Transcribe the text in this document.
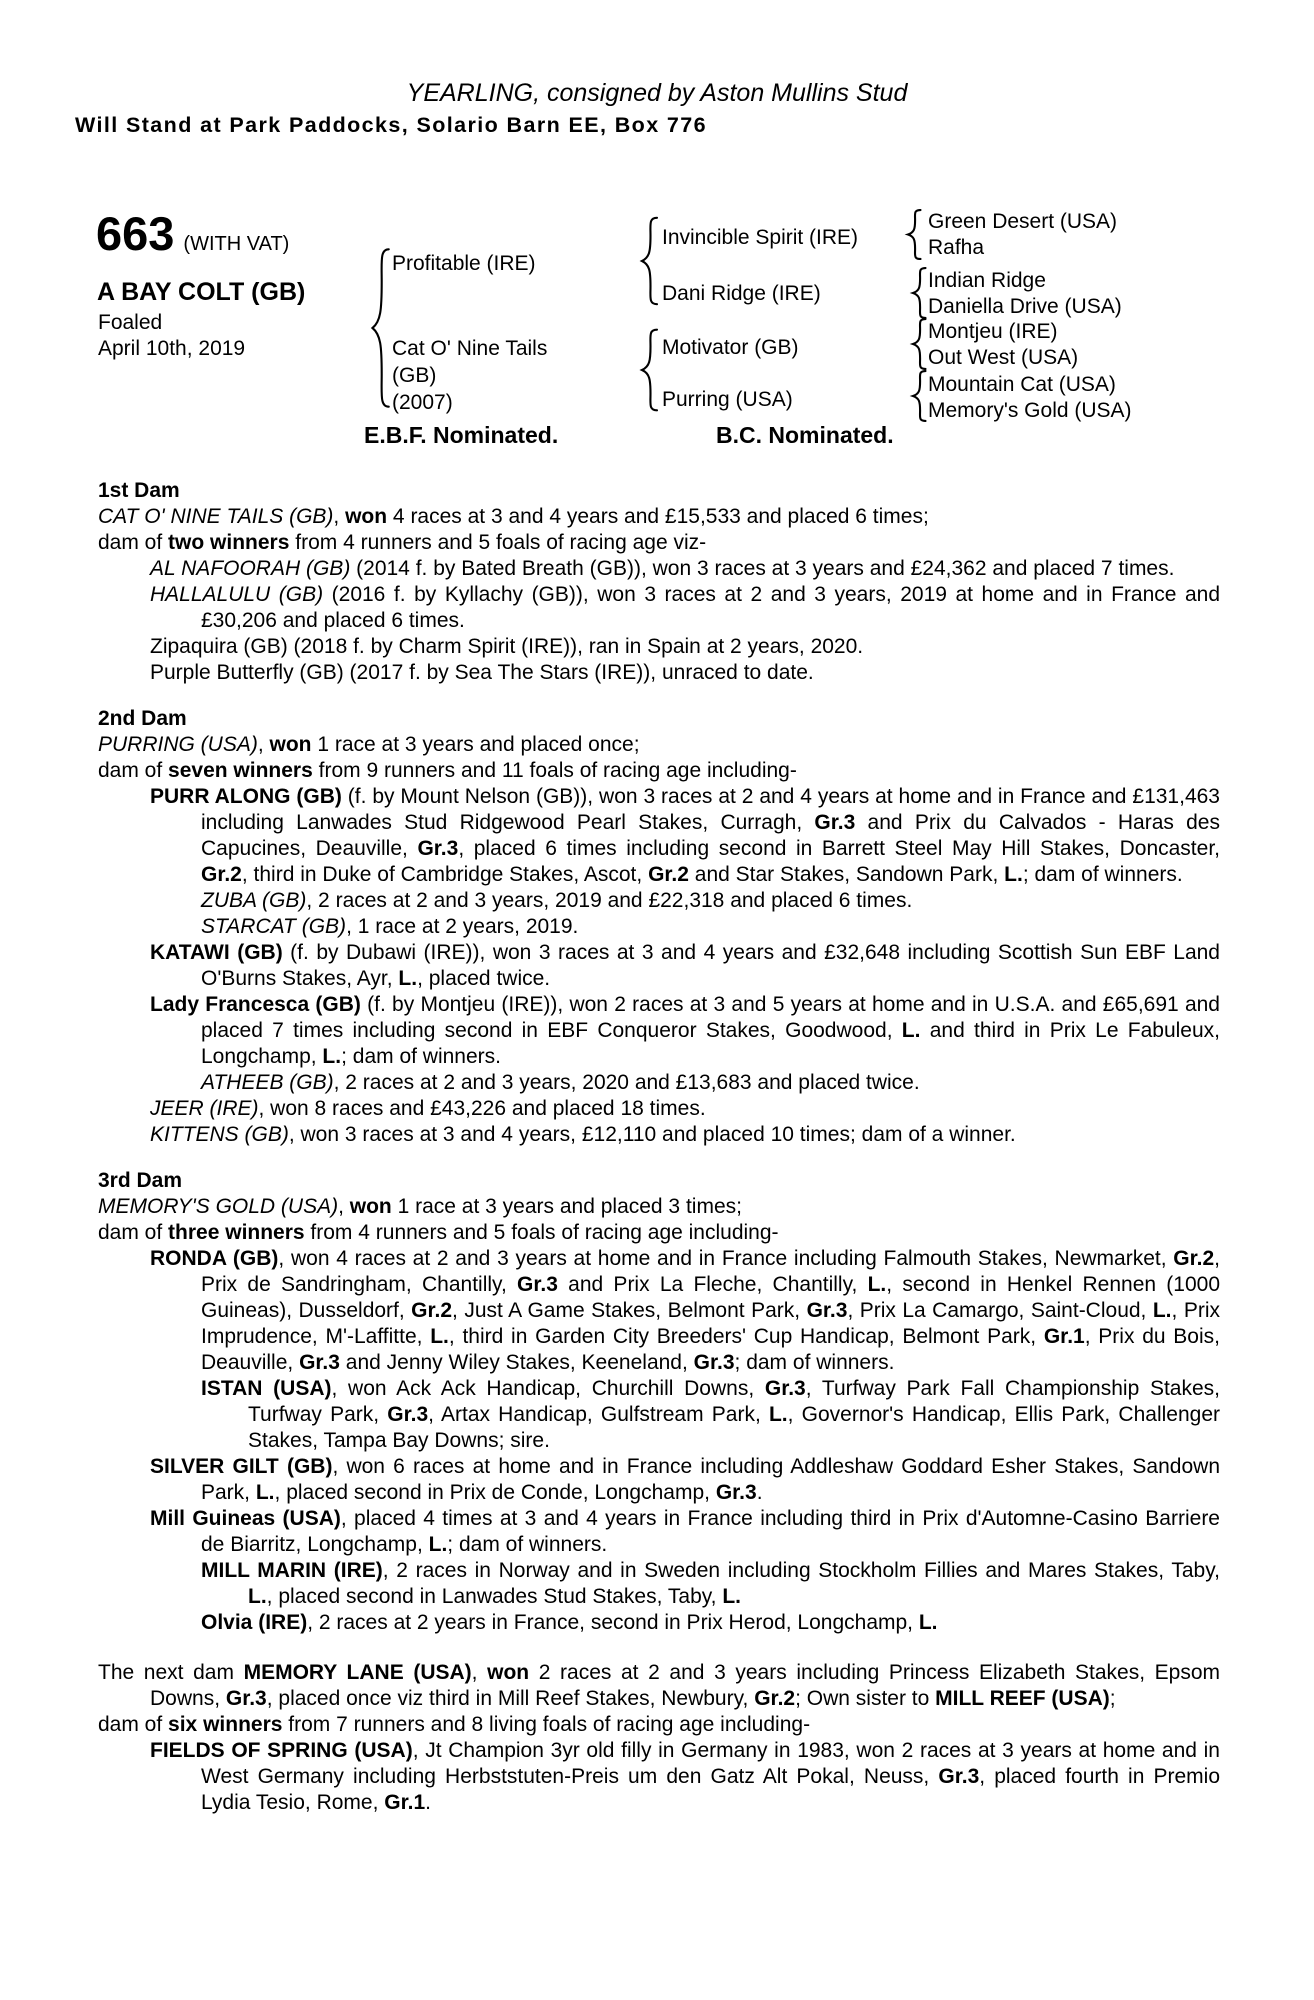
YEARLING, consigned by Aston Mullins Stud
Will Stand at Park Paddocks, Solario Barn EE, Box 776
663 (WITH VAT)
A BAY COLT (GB)
Foaled
April 10th, 2019
Profitable (IRE)
Cat O' Nine Tails
(GB)
(2007)
Invincible Spirit (IRE)
Dani Ridge (IRE)
Motivator (GB)
Purring (USA)
Green Desert (USA)
Rafha
Indian Ridge
Daniella Drive (USA)
Montjeu (IRE)
Out West (USA)
Mountain Cat (USA)
Memory's Gold (USA)
E.B.F. Nominated.	B.C. Nominated.
1st Dam

CAT O' NINE TAILS (GB), won 4 races at 3 and 4 years and £15,533 and placed 6 times;

dam of two winners from 4 runners and 5 foals of racing age viz-

AL NAFOORAH (GB) (2014 f. by Bated Breath (GB)), won 3 races at 3 years and £24,362 and placed 7 times.

HALLALULU (GB) (2016 f. by Kyllachy (GB)), won 3 races at 2 and 3 years, 2019 at home and in France and £30,206 and placed 6 times.

Zipaquira (GB) (2018 f. by Charm Spirit (IRE)), ran in Spain at 2 years, 2020.

Purple Butterfly (GB) (2017 f. by Sea The Stars (IRE)), unraced to date.

2nd Dam

PURRING (USA), won 1 race at 3 years and placed once;

dam of seven winners from 9 runners and 11 foals of racing age including-

PURR ALONG (GB) (f. by Mount Nelson (GB)), won 3 races at 2 and 4 years at home and in France and £131,463 including Lanwades Stud Ridgewood Pearl Stakes, Curragh, Gr.3 and Prix du Calvados - Haras des Capucines, Deauville, Gr.3, placed 6 times including second in Barrett Steel May Hill Stakes, Doncaster, Gr.2, third in Duke of Cambridge Stakes, Ascot, Gr.2 and Star Stakes, Sandown Park, L.; dam of winners.

ZUBA (GB), 2 races at 2 and 3 years, 2019 and £22,318 and placed 6 times.

STARCAT (GB), 1 race at 2 years, 2019.

KATAWI (GB) (f. by Dubawi (IRE)), won 3 races at 3 and 4 years and £32,648 including Scottish Sun EBF Land O'Burns Stakes, Ayr, L., placed twice.

Lady Francesca (GB) (f. by Montjeu (IRE)), won 2 races at 3 and 5 years at home and in U.S.A. and £65,691 and placed 7 times including second in EBF Conqueror Stakes, Goodwood, L. and third in Prix Le Fabuleux, Longchamp, L.; dam of winners.

ATHEEB (GB), 2 races at 2 and 3 years, 2020 and £13,683 and placed twice.

JEER (IRE), won 8 races and £43,226 and placed 18 times.

KITTENS (GB), won 3 races at 3 and 4 years, £12,110 and placed 10 times; dam of a winner.

3rd Dam

MEMORY'S GOLD (USA), won 1 race at 3 years and placed 3 times;

dam of three winners from 4 runners and 5 foals of racing age including-

RONDA (GB), won 4 races at 2 and 3 years at home and in France including Falmouth Stakes, Newmarket, Gr.2, Prix de Sandringham, Chantilly, Gr.3 and Prix La Fleche, Chantilly, L., second in Henkel Rennen (1000 Guineas), Dusseldorf, Gr.2, Just A Game Stakes, Belmont Park, Gr.3, Prix La Camargo, Saint-Cloud, L., Prix Imprudence, M'-Laffitte, L., third in Garden City Breeders' Cup Handicap, Belmont Park, Gr.1, Prix du Bois, Deauville, Gr.3 and Jenny Wiley Stakes, Keeneland, Gr.3; dam of winners.

ISTAN (USA), won Ack Ack Handicap, Churchill Downs, Gr.3, Turfway Park Fall Championship Stakes, Turfway Park, Gr.3, Artax Handicap, Gulfstream Park, L., Governor's Handicap, Ellis Park, Challenger Stakes, Tampa Bay Downs; sire.

SILVER GILT (GB), won 6 races at home and in France including Addleshaw Goddard Esher Stakes, Sandown Park, L., placed second in Prix de Conde, Longchamp, Gr.3.

Mill Guineas (USA), placed 4 times at 3 and 4 years in France including third in Prix d'Automne-Casino Barriere de Biarritz, Longchamp, L.; dam of winners.

MILL MARIN (IRE), 2 races in Norway and in Sweden including Stockholm Fillies and Mares Stakes, Taby, L., placed second in Lanwades Stud Stakes, Taby, L.

Olvia (IRE), 2 races at 2 years in France, second in Prix Herod, Longchamp, L.

The next dam MEMORY LANE (USA), won 2 races at 2 and 3 years including Princess Elizabeth Stakes, Epsom Downs, Gr.3, placed once viz third in Mill Reef Stakes, Newbury, Gr.2; Own sister to MILL REEF (USA);

dam of six winners from 7 runners and 8 living foals of racing age including-

FIELDS OF SPRING (USA), Jt Champion 3yr old filly in Germany in 1983, won 2 races at 3 years at home and in West Germany including Herbststuten-Preis um den Gatz Alt Pokal, Neuss, Gr.3, placed fourth in Premio Lydia Tesio, Rome, Gr.1.
